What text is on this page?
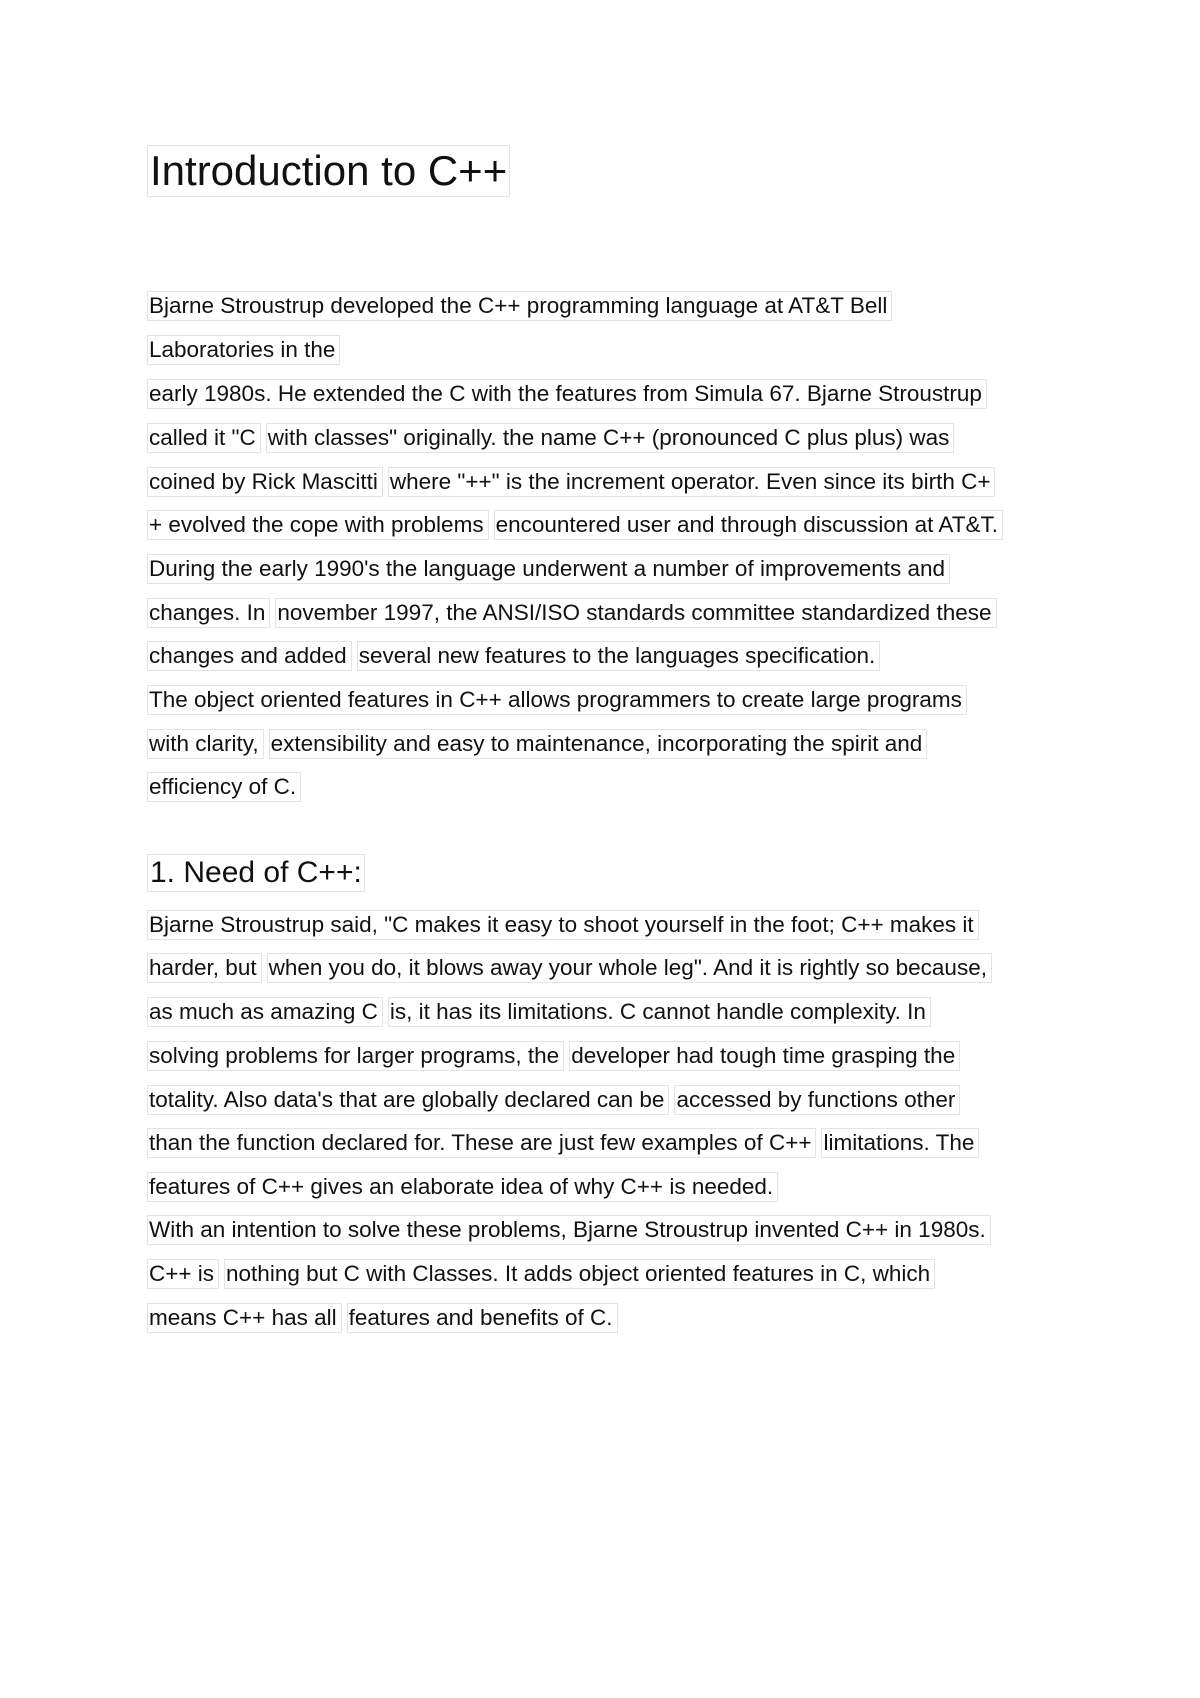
Introduction to C++
Bjarne Stroustrup developed the C++ programming language at AT&T Bell
Laboratories in the
early 1980s. He extended the C with the features from Simula 67. Bjarne Stroustrup
called it "C with classes" originally. the name C++ (pronounced C plus plus) was
coined by Rick Mascitti where "++" is the increment operator. Even since its birth C+
+ evolved the cope with problems encountered user and through discussion at AT&T.
During the early 1990's the language underwent a number of improvements and
changes. In november 1997, the ANSI/ISO standards committee standardized these
changes and added several new features to the languages specification.
The object oriented features in C++ allows programmers to create large programs
with clarity, extensibility and easy to maintenance, incorporating the spirit and
efficiency of C.
1. Need of C++:
Bjarne Stroustrup said, "C makes it easy to shoot yourself in the foot; C++ makes it
harder, but when you do, it blows away your whole leg". And it is rightly so because,
as much as amazing C is, it has its limitations. C cannot handle complexity. In
solving problems for larger programs, the developer had tough time grasping the
totality. Also data's that are globally declared can be accessed by functions other
than the function declared for. These are just few examples of C++ limitations. The
features of C++ gives an elaborate idea of why C++ is needed.
With an intention to solve these problems, Bjarne Stroustrup invented C++ in 1980s.
C++ is nothing but C with Classes. It adds object oriented features in C, which
means C++ has all features and benefits of C.
